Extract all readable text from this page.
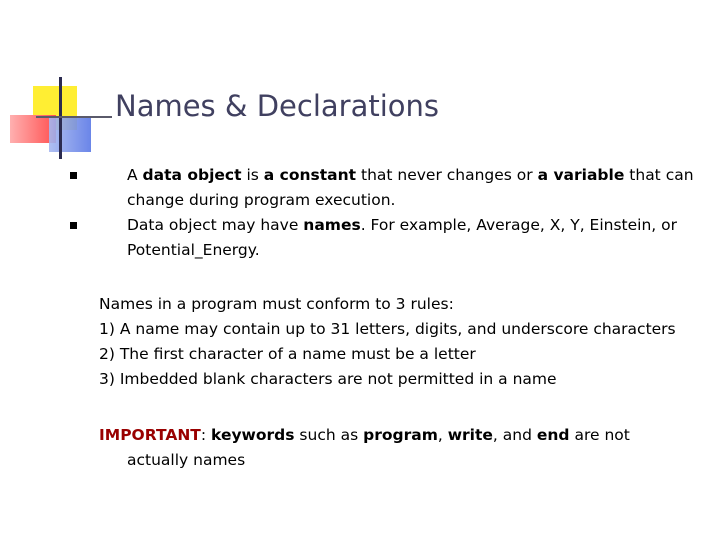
Names & Declarations
A data object is a constant that never changes or a variable that can change during program execution.
Data object may have names. For example, Average, X, Y, Einstein, or Potential_Energy.
Names in a program must conform to 3 rules:
1) A name may contain up to 31 letters, digits, and underscore characters
2) The first character of a name must be a letter
3) Imbedded blank characters are not permitted in a name
IMPORTANT: keywords such as program, write, and end are not
actually names
